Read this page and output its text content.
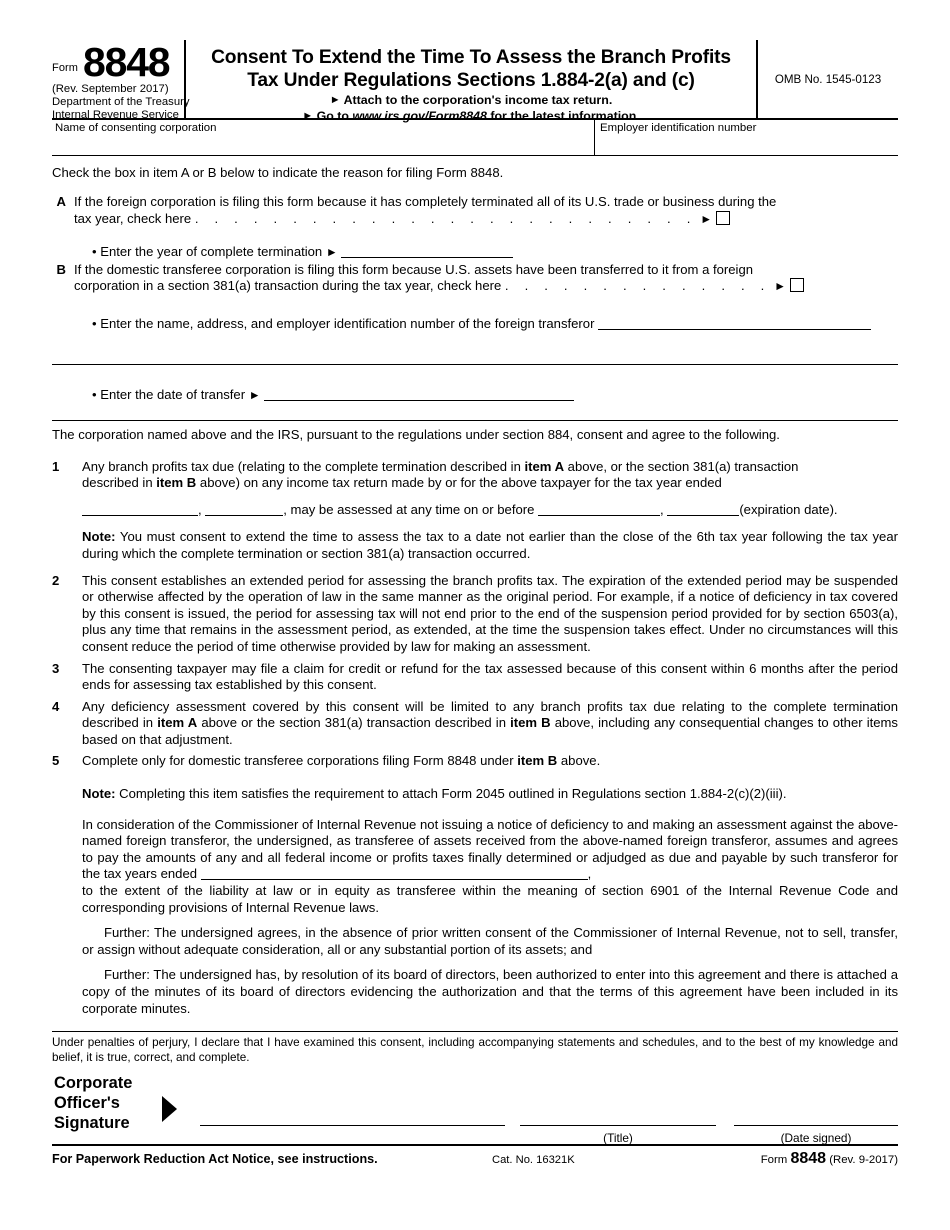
Form 8848
(Rev. September 2017)
Department of the Treasury
Internal Revenue Service
Consent To Extend the Time To Assess the Branch Profits
Tax Under Regulations Sections 1.884-2(a) and (c)
► Attach to the corporation's income tax return.
► Go to www.irs.gov/Form8848 for the latest information.
OMB No. 1545-0123
Name of consenting corporation	Employer identification number
Check the box in item A or B below to indicate the reason for filing Form 8848.
A If the foreign corporation is filing this form because it has completely terminated all of its U.S. trade or business during the
tax year, check here . . . . . . . . . . . . . . . . . . . . . . . . . . ►
• Enter the year of complete termination ►
B If the domestic transferee corporation is filing this form because U.S. assets have been transferred to it from a foreign
corporation in a section 381(a) transaction during the tax year, check here . . . . . . . . . . . . . . ►
• Enter the name, address, and employer identification number of the foreign transferor
• Enter the date of transfer ►
The corporation named above and the IRS, pursuant to the regulations under section 884, consent and agree to the following.
1	Any branch profits tax due (relating to the complete termination described in item A above, or the section 381(a) transaction
described in item B above) on any income tax return made by or for the above taxpayer for the tax year ended
,	, may be assessed at any time on or before	,	(expiration date).
Note: You must consent to extend the time to assess the tax to a date not earlier than the close of the 6th tax year following the tax year during which the complete termination or section 381(a) transaction occurred.
2	This consent establishes an extended period for assessing the branch profits tax. The expiration of the extended period may be suspended or otherwise affected by the operation of law in the same manner as the original period. For example, if a notice of deficiency in tax covered by this consent is issued, the period for assessing tax will not end prior to the end of the suspension period provided for by section 6503(a), plus any time that remains in the assessment period, as extended, at the time the suspension takes effect. Under no circumstances will this consent reduce the period of time otherwise provided by law for making an assessment.
3	The consenting taxpayer may file a claim for credit or refund for the tax assessed because of this consent within 6 months after the period ends for assessing tax established by this consent.
4	Any deficiency assessment covered by this consent will be limited to any branch profits tax due relating to the complete termination described in item A above or the section 381(a) transaction described in item B above, including any consequential changes to other items based on that adjustment.
5	Complete only for domestic transferee corporations filing Form 8848 under item B above.
Note: Completing this item satisfies the requirement to attach Form 2045 outlined in Regulations section 1.884-2(c)(2)(iii).
In consideration of the Commissioner of Internal Revenue not issuing a notice of deficiency to and making an assessment against the above-named foreign transferor, the undersigned, as transferee of assets received from the above-named foreign transferor, assumes and agrees to pay the amounts of any and all federal income or profits taxes finally determined or adjudged as due and payable by such transferor for the tax years ended	,
to the extent of the liability at law or in equity as transferee within the meaning of section 6901 of the Internal Revenue Code and corresponding provisions of Internal Revenue laws.
Further: The undersigned agrees, in the absence of prior written consent of the Commissioner of Internal Revenue, not to sell, transfer, or assign without adequate consideration, all or any substantial portion of its assets; and
Further: The undersigned has, by resolution of its board of directors, been authorized to enter into this agreement and there is attached a copy of the minutes of its board of directors evidencing the authorization and that the terms of this agreement have been included in its corporate minutes.
Under penalties of perjury, I declare that I have examined this consent, including accompanying statements and schedules, and to the best of my knowledge and belief, it is true, correct, and complete.
Corporate
Officer's
Signature
(Title)	(Date signed)
For Paperwork Reduction Act Notice, see instructions.	Cat. No. 16321K	Form 8848 (Rev. 9-2017)
